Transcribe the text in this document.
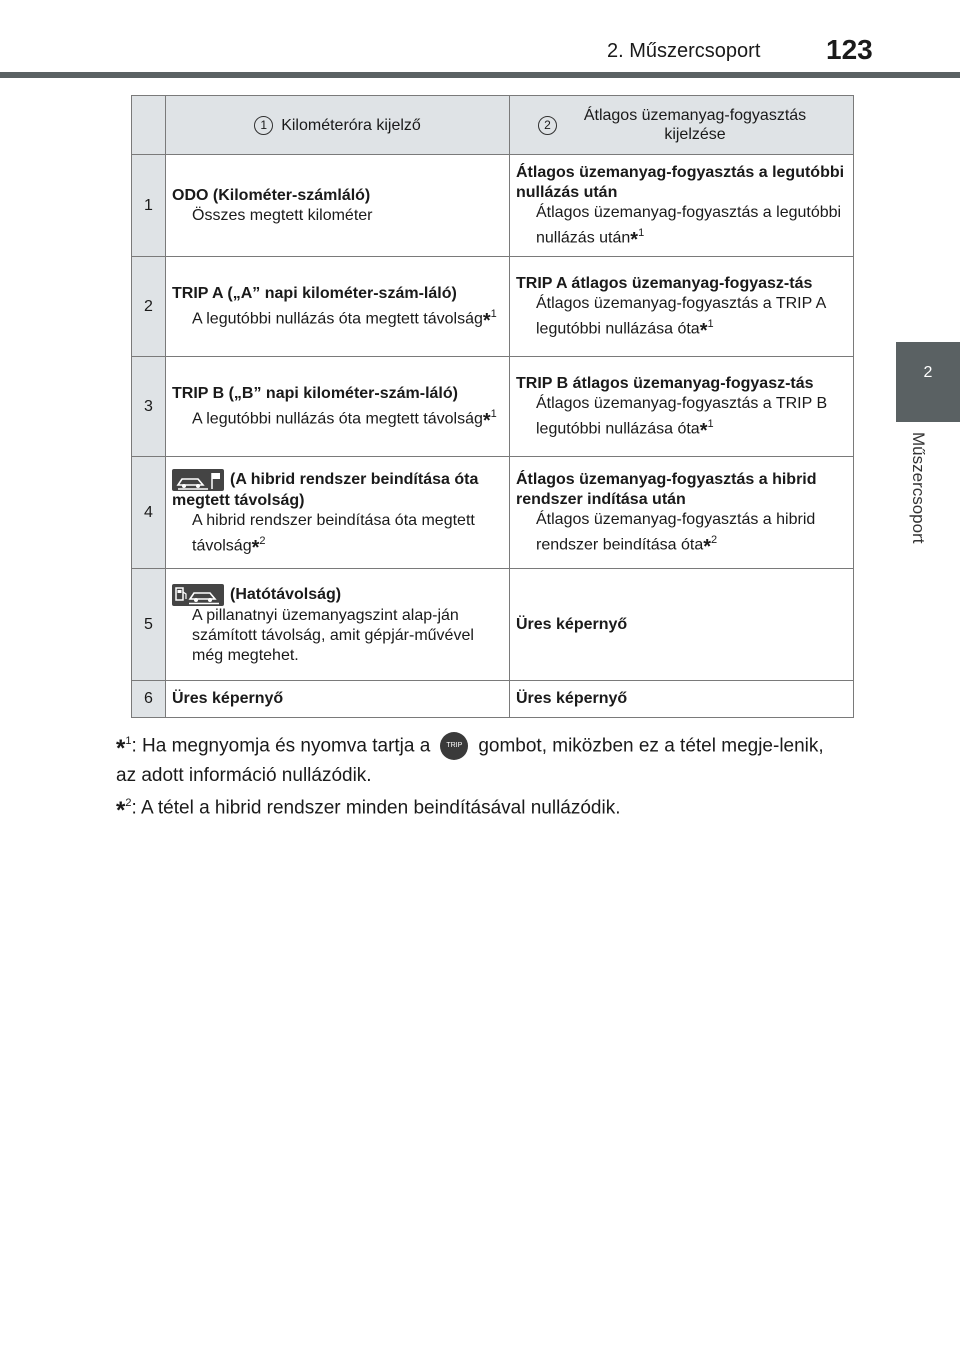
2. Műszercsoport 123
2
Műszercsoport

	1 Kilométeróra kijelző	2
Átlagos üzemanyag-fogyasztás kijelzése

1	ODO (Kilométer-számláló)
Összes megtett kilométer	Átlagos üzemanyag-fogyasztás a legutóbbi nullázás után
Átlagos üzemanyag-fogyasztás a legutóbbi nullázás után*$^1$

2	TRIP A („A” napi kilométer-szám-láló)
A legutóbbi nullázás óta megtett távolság*$^1$	TRIP A átlagos üzemanyag-fogyasz-tás
Átlagos üzemanyag-fogyasztás a TRIP A legutóbbi nullázása óta*$^1$

3	TRIP B („B” napi kilométer-szám-láló)
A legutóbbi nullázás óta megtett távolság*$^1$	TRIP B átlagos üzemanyag-fogyasz-tás
Átlagos üzemanyag-fogyasztás a TRIP B legutóbbi nullázása óta*$^1$

4	(A hibrid rendszer beindítása óta megtett távolság)
A hibrid rendszer beindítása óta megtett távolság*$^2$	Átlagos üzemanyag-fogyasztás a hibrid rendszer indítása után
Átlagos üzemanyag-fogyasztás a hibrid rendszer beindítása óta*$^2$

5	(Hatótávolság)
A pillanatnyi üzemanyagszint alap-ján számított távolság, amit gépjár-művével még megtehet.	Üres képernyő

6	Üres képernyő	Üres képernyő
*$^1$: Ha megnyomja és nyomva tartja a TRIP gombot, miközben ez a tétel megje-lenik, az adott információ nullázódik.
*$^2$: A tétel a hibrid rendszer minden beindításával nullázódik.
